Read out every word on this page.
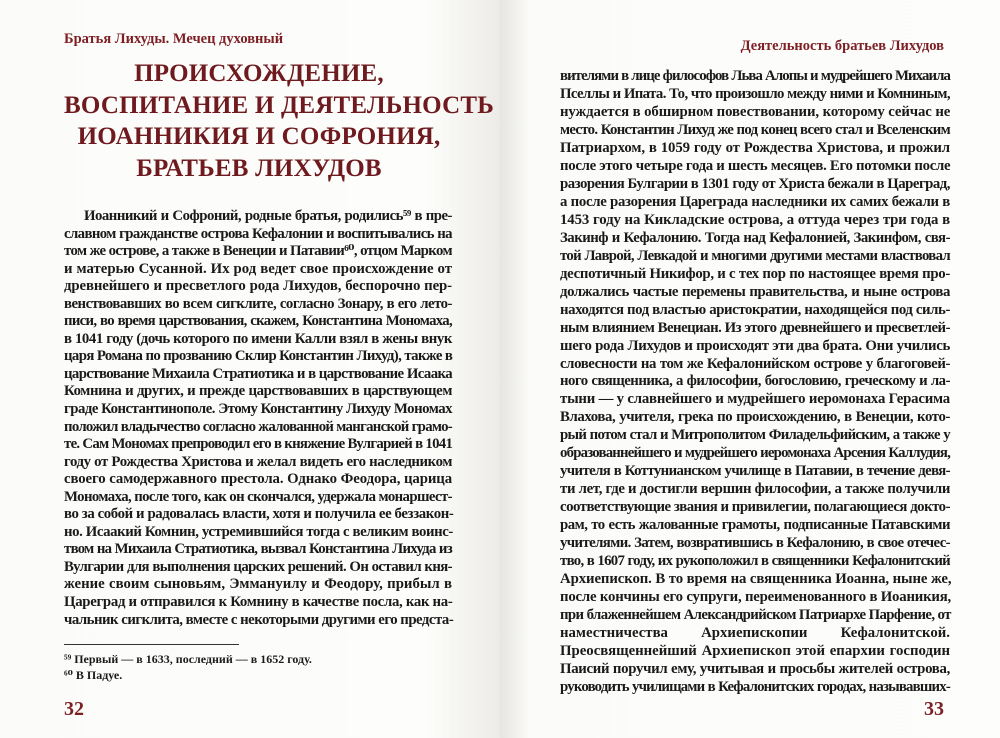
Братья Лихуды. Мечец духовный
ПРОИСХОЖДЕНИЕ,
ВОСПИТАНИЕ И ДЕЯТЕЛЬНОСТЬ
ИОАННИКИЯ И СОФРОНИЯ,
БРАТЬЕВ ЛИХУДОВ
Иоанникий и Софроний, родные братья, родились⁵⁹ в пре-
славном гражданстве острова Кефалонии и воспитывались на
том же острове, а также в Венеции и Патавии⁶⁰, отцом Марком
и матерью Сусанной. Их род ведет свое происхождение от
древнейшего и пресветлого рода Лихудов, беспорочно пер-
венствовавших во всем сигклите, согласно Зонару, в его лето-
писи, во время царствования, скажем, Константина Мономаха,
в 1041 году (дочь которого по имени Калли взял в жены внук
царя Романа по прозванию Склир Константин Лихуд), также в
царствование Михаила Стратиотика и в царствование Исаака
Комнина и других, и прежде царствовавших в царствующем
граде Константинополе. Этому Константину Лихуду Мономах
положил владычество согласно жалованной манганской грамо-
те. Сам Мономах препроводил его в княжение Вулгарией в 1041
году от Рождества Христова и желал видеть его наследником
своего самодержавного престола. Однако Феодора, царица
Мономаха, после того, как он скончался, удержала монаршест-
во за собой и радовалась власти, хотя и получила ее беззакон-
но. Исаакий Комнин, устремившийся тогда с великим воинс-
твом на Михаила Стратиотика, вызвал Константина Лихуда из
Вулгарии для выполнения царских решений. Он оставил кня-
жение своим сыновьям, Эммануилу и Феодору, прибыл в
Цареград и отправился к Комнину в качестве посла, как на-
чальник сигклита, вместе с некоторыми другими его предста-
⁵⁹ Первый — в 1633, последний — в 1652 году.
⁶⁰ В Падуе.
32
Деятельность братьев Лихудов
вителями в лице философов Льва Алопы и мудрейшего Михаила
Пселлы и Ипата. То, что произошло между ними и Комниным,
нуждается в обширном повествовании, которому сейчас не
место. Константин Лихуд же под конец всего стал и Вселенским
Патриархом, в 1059 году от Рождества Христова, и прожил
после этого четыре года и шесть месяцев. Его потомки после
разорения Булгарии в 1301 году от Христа бежали в Цареград,
а после разорения Цареграда наследники их самих бежали в
1453 году на Кикладские острова, а оттуда через три года в
Закинф и Кефалонию. Тогда над Кефалонией, Закинфом, свя-
той Лаврой, Левкадой и многими другими местами властвовал
деспотичный Никифор, и с тех пор по настоящее время про-
должались частые перемены правительства, и ныне острова
находятся под властью аристократии, находящейся под силь-
ным влиянием Венециан. Из этого древнейшего и пресветлей-
шего рода Лихудов и происходят эти два брата. Они учились
словесности на том же Кефалонийском острове у благоговей-
ного священника, а философии, богословию, греческому и ла-
тыни — у славнейшего и мудрейшего иеромонаха Герасима
Влахова, учителя, грека по происхождению, в Венеции, кото-
рый потом стал и Митрополитом Филадельфийским, а также у
образованнейшего и мудрейшего иеромонаха Арсения Каллудия,
учителя в Коттунианском училище в Патавии, в течение девя-
ти лет, где и достигли вершин философии, а также получили
соответствующие звания и привилегии, полагающиеся докто-
рам, то есть жалованные грамоты, подписанные Патавскими
учителями. Затем, возвратившись в Кефалонию, в свое отечес-
тво, в 1607 году, их рукоположил в священники Кефалонитский
Архиепископ. В то время на священника Иоанна, ныне же,
после кончины его супруги, переименованного в Иоаникия,
при блаженнейшем Александрийском Патриархе Парфение, от
наместничества Архиепископии Кефалонитской.
Преосвященнейший Архиепископ этой епархии господин
Паисий поручил ему, учитывая и просьбы жителей острова,
руководить училищами в Кефалонитских городах, называвших-
33
